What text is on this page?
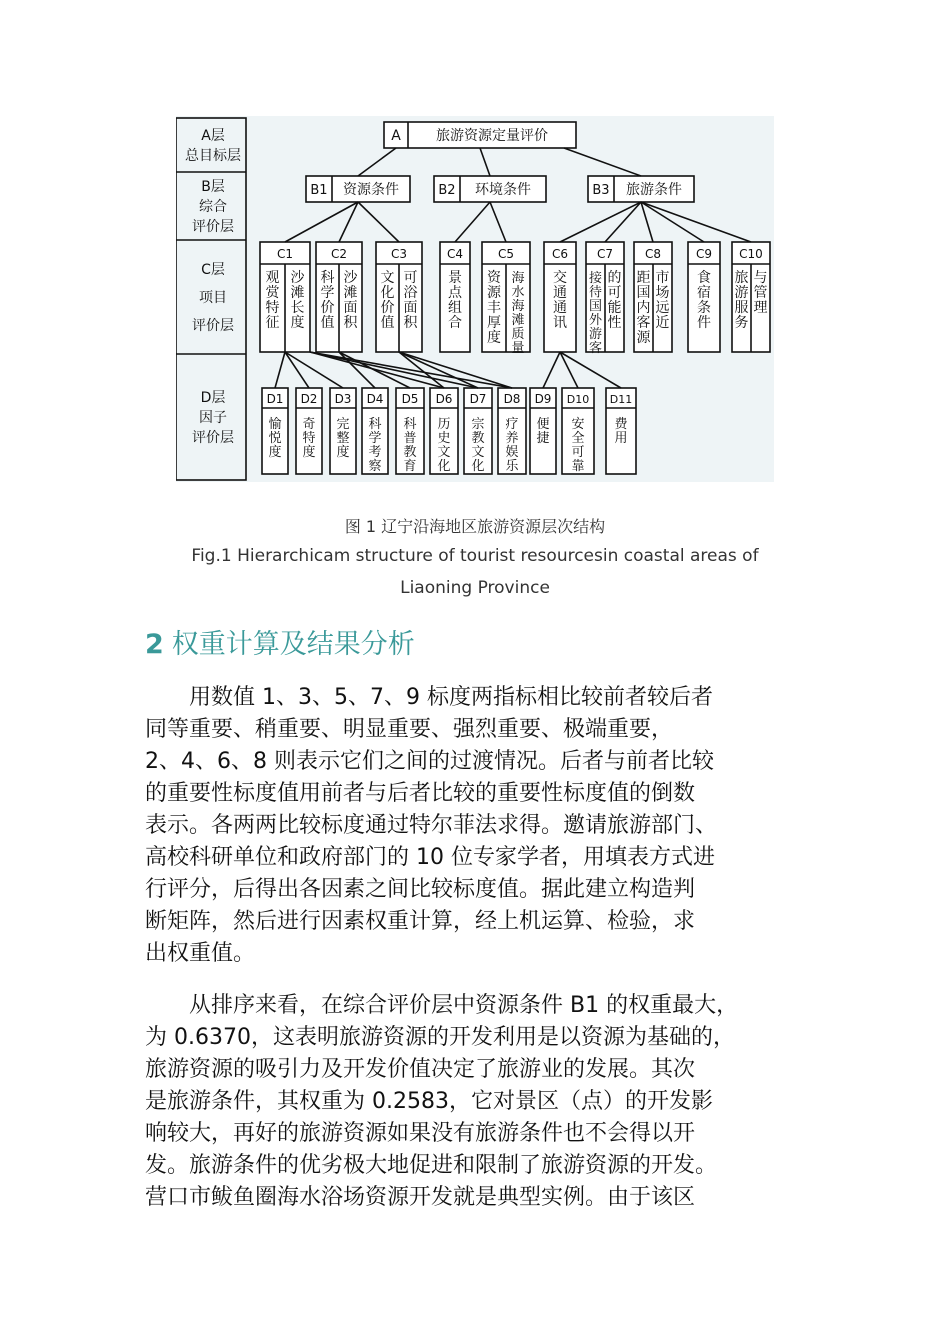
A层
总目标层
B层
综合
评价层
C层
项目
评价层
D层
因子
评价层
A	旅游资源定量评价
B1 资源条件	B2 环境条件	B3 旅游条件
C1
观赏特征
沙滩长度
C2
科学价值
沙滩面积
C3
文化价值
可浴面积
C4
景点组合
C5
资源丰厚度
海水海滩质量
C6
交通通讯
C7
接待国外游客
的可能性
C8
距国内客源
市场远近
C9
食宿条件
C10
旅游服务
与管理
D1
愉悦度
D2
奇特度
D3
完整度
D4
科学考察
D5
科普教育
D6
历史文化
D7
宗教文化
D8
疗养娱乐
D9
便捷
D10
安全可靠
D11
费用
图 1 辽宁沿海地区旅游资源层次结构
Fig.1 Hierarchicam structure of tourist resourcesin coastal areas of
Liaoning Province
2 权重计算及结果分析
　　用数值 1、3、5、7、9 标度两指标相比较前者较后者
同等重要、稍重要、明显重要、强烈重要、极端重要，
2、4、6、8 则表示它们之间的过渡情况。后者与前者比较
的重要性标度值用前者与后者比较的重要性标度值的倒数
表示。各两两比较标度通过特尔菲法求得。邀请旅游部门、
高校科研单位和政府部门的 10 位专家学者，用填表方式进
行评分，后得出各因素之间比较标度值。据此建立构造判
断矩阵，然后进行因素权重计算，经上机运算、检验，求
出权重值。
　　从排序来看，在综合评价层中资源条件 B1 的权重最大，
为 0.6370，这表明旅游资源的开发利用是以资源为基础的，
旅游资源的吸引力及开发价值决定了旅游业的发展。其次
是旅游条件，其权重为 0.2583，它对景区（点）的开发影
响较大，再好的旅游资源如果没有旅游条件也不会得以开
发。旅游条件的优劣极大地促进和限制了旅游资源的开发。
营口市鲅鱼圈海水浴场资源开发就是典型实例。由于该区
